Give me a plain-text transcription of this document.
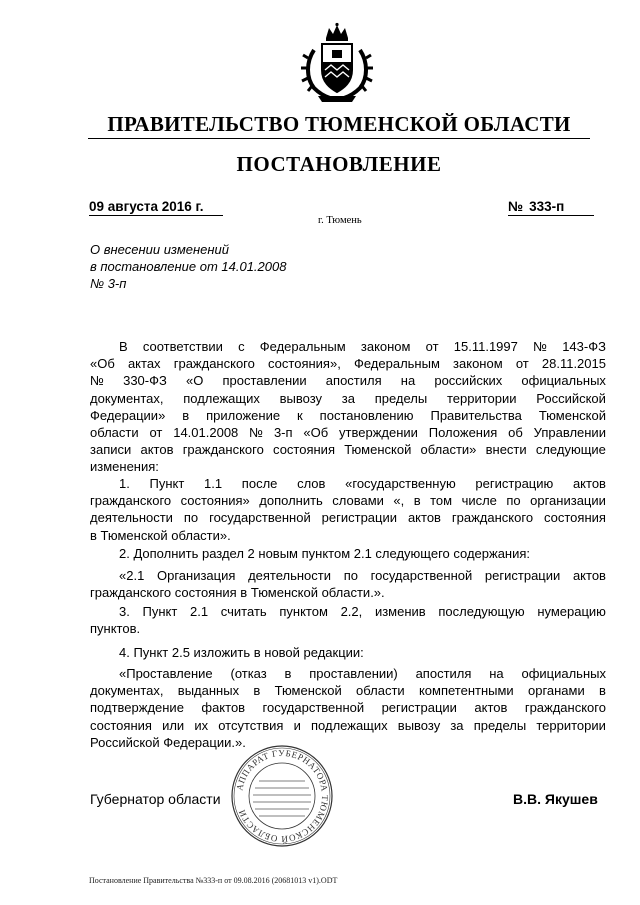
ПРАВИТЕЛЬСТВО ТЮМЕНСКОЙ ОБЛАСТИ
ПОСТАНОВЛЕНИЕ
09 августа 2016 г.	№ 333-п
г. Тюмень
О внесении изменений
в постановление от 14.01.2008
№ 3-п
В соответствии с Федеральным законом от 15.11.1997 № 143-ФЗ
«Об актах гражданского состояния», Федеральным законом от 28.11.2015
№ 330-ФЗ «О проставлении апостиля на российских официальных
документах, подлежащих вывозу за пределы территории Российской
Федерации» в приложение к постановлению Правительства Тюменской
области от 14.01.2008 № 3-п «Об утверждении Положения об Управлении
записи актов гражданского состояния Тюменской области» внести следующие
изменения:
1. Пункт 1.1 после слов «государственную регистрацию актов
гражданского состояния» дополнить словами «, в том числе по организации
деятельности по государственной регистрации актов гражданского состояния
в Тюменской области».
2. Дополнить раздел 2 новым пунктом 2.1 следующего содержания:
«2.1 Организация деятельности по государственной регистрации актов
гражданского состояния в Тюменской области.».
3. Пункт 2.1 считать пунктом 2.2, изменив последующую нумерацию
пунктов.
4. Пункт 2.5 изложить в новой редакции:
«Проставление (отказ в проставлении) апостиля на официальных
документах, выданных в Тюменской области компетентными органами в
подтверждение фактов государственной регистрации актов гражданского
состояния или их отсутствия и подлежащих вывозу за пределы территории
Российской Федерации.».
Губернатор области
АППАРАТ ГУБЕРНАТОРА ТЮМЕНСКОЙ ОБЛАСТИ
В.В. Якушев
Постановление Правительства №333-п от 09.08.2016 (20681013 v1).ODT
